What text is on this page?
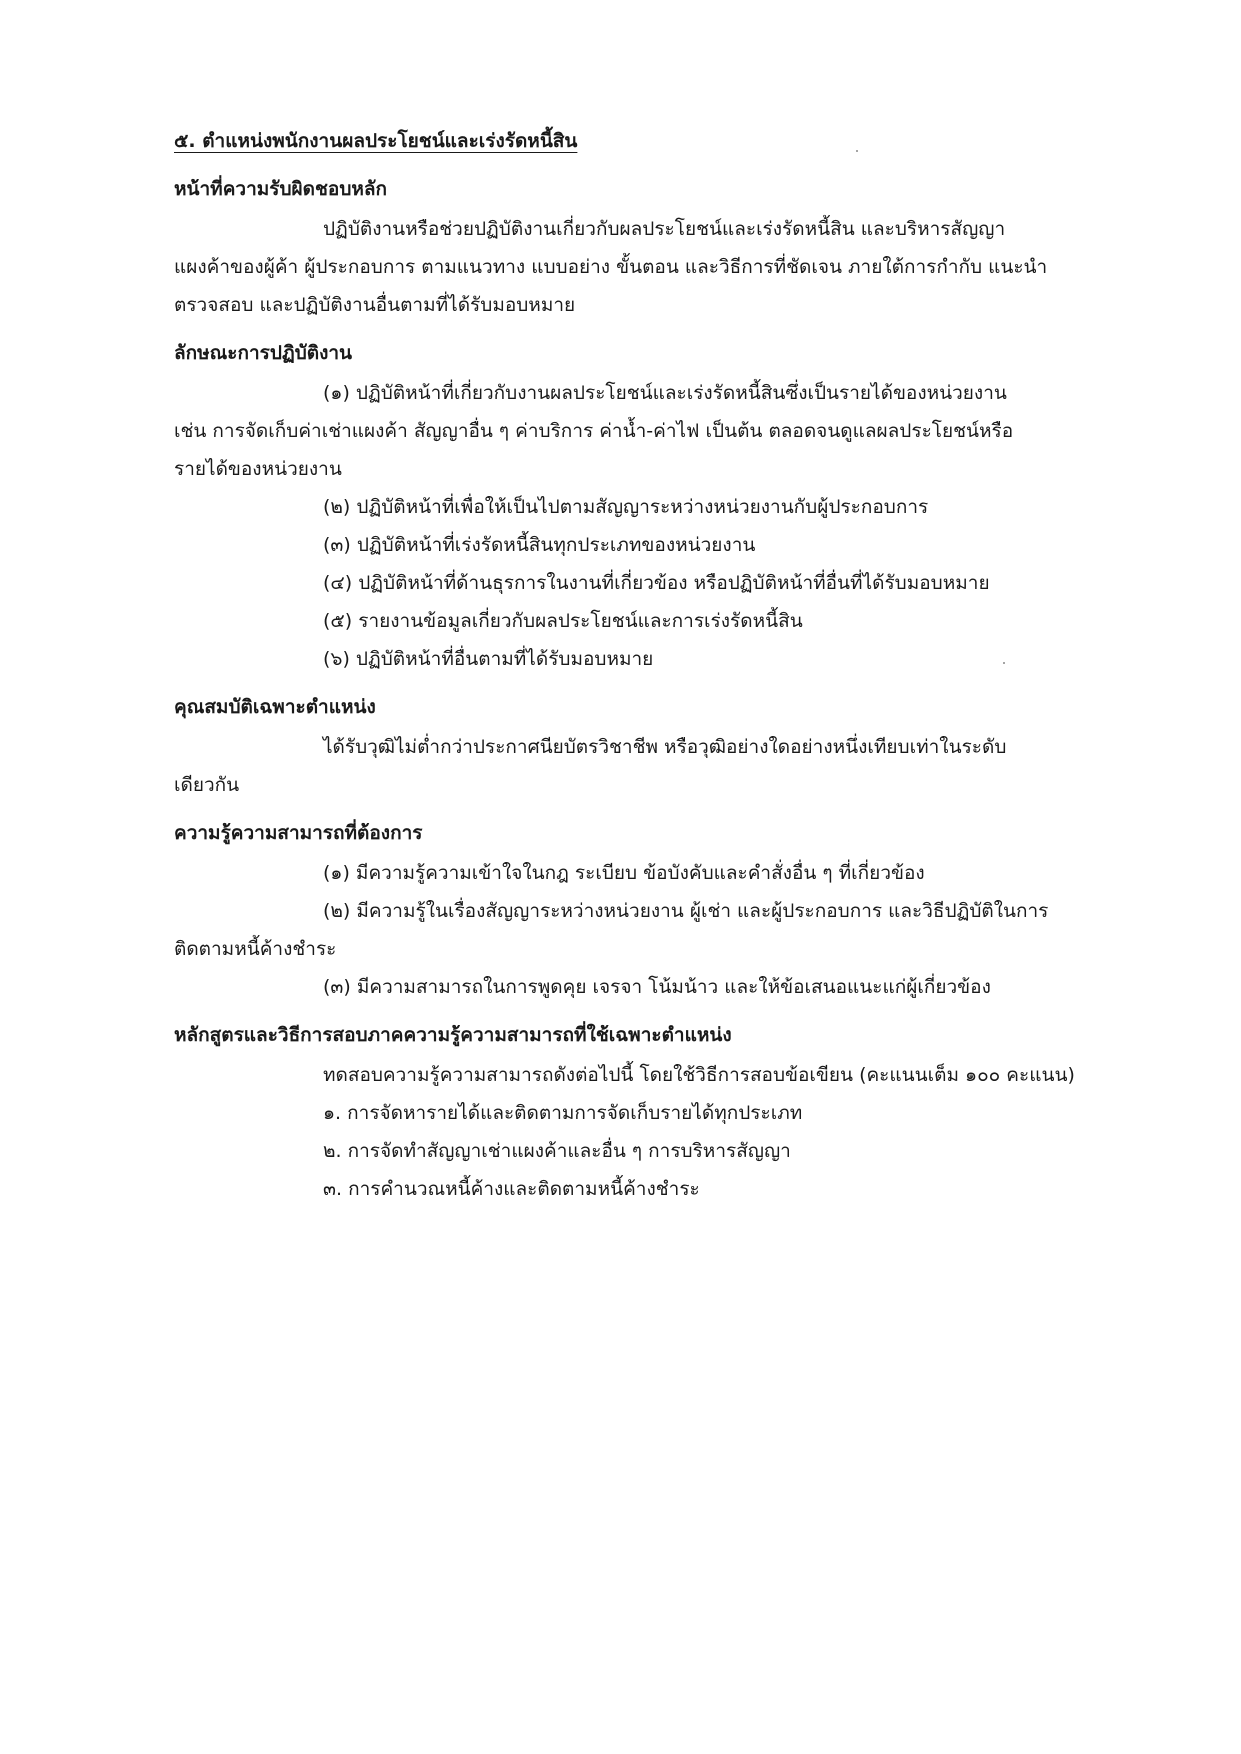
๕. ตำแหน่งพนักงานผลประโยชน์และเร่งรัดหนี้สิน
หน้าที่ความรับผิดชอบหลัก
ปฏิบัติงานหรือช่วยปฏิบัติงานเกี่ยวกับผลประโยชน์และเร่งรัดหนี้สิน และบริหารสัญญา
แผงค้าของผู้ค้า ผู้ประกอบการ ตามแนวทาง แบบอย่าง ขั้นตอน และวิธีการที่ชัดเจน ภายใต้การกำกับ แนะนำ
ตรวจสอบ และปฏิบัติงานอื่นตามที่ได้รับมอบหมาย
ลักษณะการปฏิบัติงาน
(๑) ปฏิบัติหน้าที่เกี่ยวกับงานผลประโยชน์และเร่งรัดหนี้สินซึ่งเป็นรายได้ของหน่วยงาน
เช่น การจัดเก็บค่าเช่าแผงค้า สัญญาอื่น ๆ ค่าบริการ ค่าน้ำ-ค่าไฟ เป็นต้น ตลอดจนดูแลผลประโยชน์หรือ
รายได้ของหน่วยงาน
(๒) ปฏิบัติหน้าที่เพื่อให้เป็นไปตามสัญญาระหว่างหน่วยงานกับผู้ประกอบการ
(๓) ปฏิบัติหน้าที่เร่งรัดหนี้สินทุกประเภทของหน่วยงาน
(๔) ปฏิบัติหน้าที่ด้านธุรการในงานที่เกี่ยวข้อง หรือปฏิบัติหน้าที่อื่นที่ได้รับมอบหมาย
(๕) รายงานข้อมูลเกี่ยวกับผลประโยชน์และการเร่งรัดหนี้สิน
(๖) ปฏิบัติหน้าที่อื่นตามที่ได้รับมอบหมาย
คุณสมบัติเฉพาะตำแหน่ง
ได้รับวุฒิไม่ต่ำกว่าประกาศนียบัตรวิชาชีพ หรือวุฒิอย่างใดอย่างหนึ่งเทียบเท่าในระดับ
เดียวกัน
ความรู้ความสามารถที่ต้องการ
(๑) มีความรู้ความเข้าใจในกฎ ระเบียบ ข้อบังคับและคำสั่งอื่น ๆ ที่เกี่ยวข้อง
(๒) มีความรู้ในเรื่องสัญญาระหว่างหน่วยงาน ผู้เช่า และผู้ประกอบการ และวิธีปฏิบัติในการ
ติดตามหนี้ค้างชำระ
(๓) มีความสามารถในการพูดคุย เจรจา โน้มน้าว และให้ข้อเสนอแนะแก่ผู้เกี่ยวข้อง
หลักสูตรและวิธีการสอบภาคความรู้ความสามารถที่ใช้เฉพาะตำแหน่ง
ทดสอบความรู้ความสามารถดังต่อไปนี้ โดยใช้วิธีการสอบข้อเขียน (คะแนนเต็ม ๑๐๐ คะแนน)
๑. การจัดหารายได้และติดตามการจัดเก็บรายได้ทุกประเภท
๒. การจัดทำสัญญาเช่าแผงค้าและอื่น ๆ การบริหารสัญญา
๓. การคำนวณหนี้ค้างและติดตามหนี้ค้างชำระ
